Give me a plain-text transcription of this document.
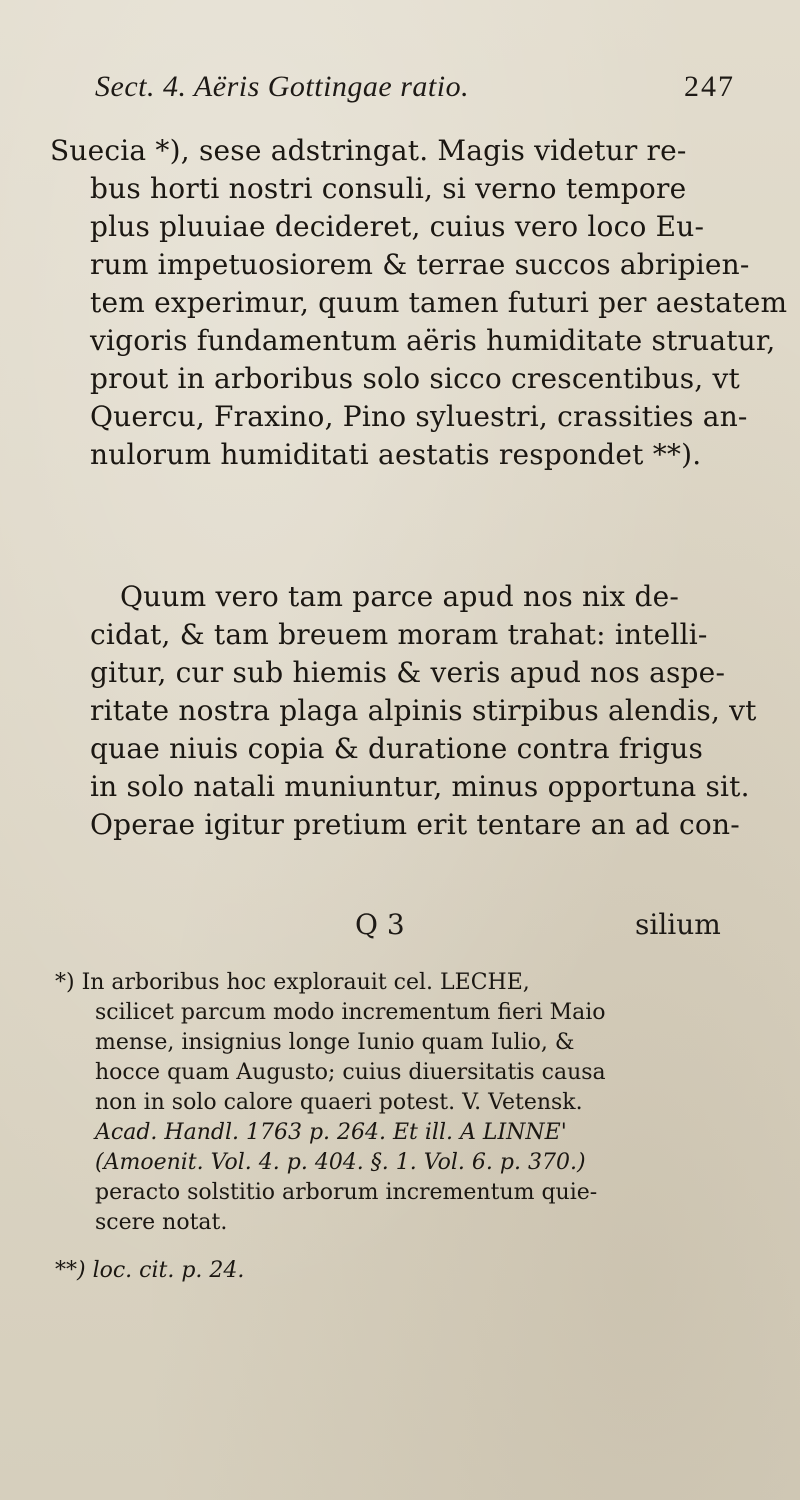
Sect. 4. Aëris Gottingae ratio.	247
Suecia *), sese adstringat. Magis videtur re-
bus horti nostri consuli, si verno tempore
plus pluuiae decideret, cuius vero loco Eu-
rum impetuosiorem & terrae succos abripien-
tem experimur, quum tamen futuri per aestatem
vigoris fundamentum aëris humiditate struatur,
prout in arboribus solo sicco crescentibus, vt
Quercu, Fraxino, Pino syluestri, crassities an-
nulorum humiditati aestatis respondet **).
Quum vero tam parce apud nos nix de-
cidat, & tam breuem moram trahat: intelli-
gitur, cur sub hiemis & veris apud nos aspe-
ritate nostra plaga alpinis stirpibus alendis, vt
quae niuis copia & duratione contra frigus
in solo natali muniuntur, minus opportuna sit.
Operae igitur pretium erit tentare an ad con-
Q 3	silium
*) In arboribus hoc explorauit cel. LECHE,
scilicet parcum modo incrementum fieri Maio
mense, insignius longe Iunio quam Iulio, &
hocce quam Augusto; cuius diuersitatis causa
non in solo calore quaeri potest. V. Vetensk.
Acad. Handl. 1763 p. 264. Et ill. A LINNE'
(Amoenit. Vol. 4. p. 404. §. 1. Vol. 6. p. 370.)
peracto solstitio arborum incrementum quie-
scere notat.
**) loc. cit. p. 24.
